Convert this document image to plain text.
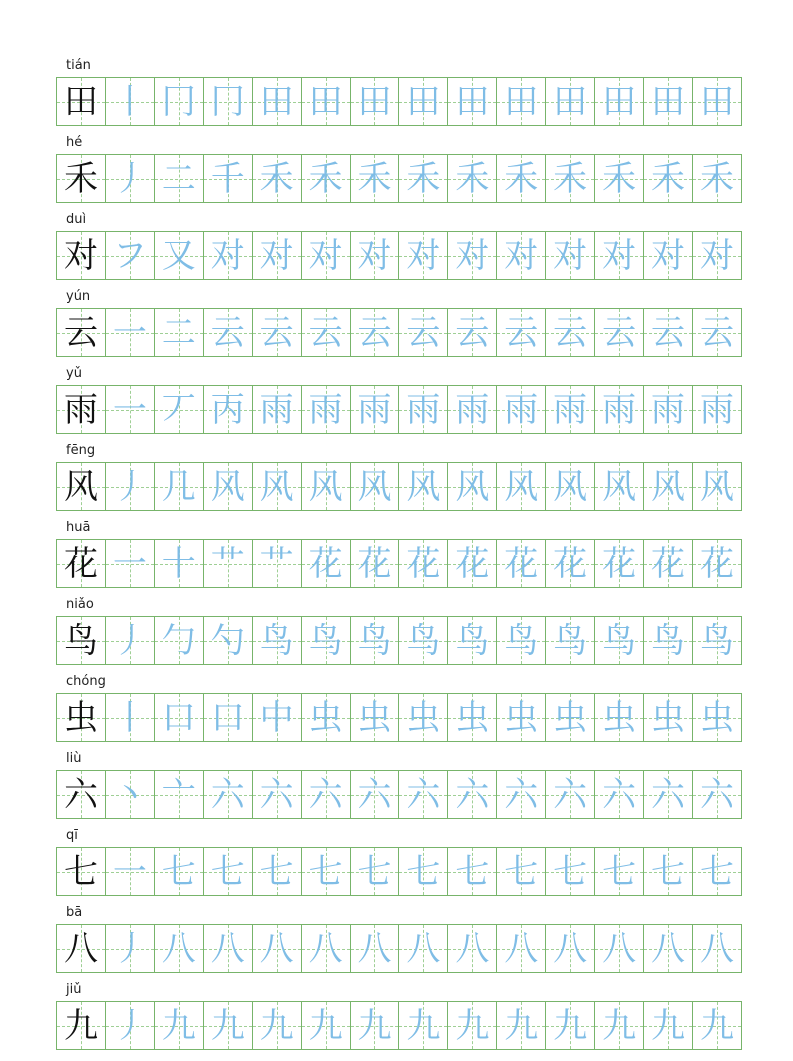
tián
田 丨 冂 冂 田 田 田 田 田 田 田 田 田 田
hé
禾 丿 二 千 禾 禾 禾 禾 禾 禾 禾 禾 禾 禾
duì
对 フ 又 对 对 对 对 对 对 对 对 对 对 对
yún
云 一 二 云 云 云 云 云 云 云 云 云 云 云
yǔ
雨 一 丆 丙 雨 雨 雨 雨 雨 雨 雨 雨 雨 雨
fēng
风 丿 几 风 风 风 风 风 风 风 风 风 风 风
huā
花 一 十 艹 艹 花 花 花 花 花 花 花 花 花
niǎo
鸟 丿 勹 勺 鸟 鸟 鸟 鸟 鸟 鸟 鸟 鸟 鸟 鸟
chóng
虫 丨 口 口 中 虫 虫 虫 虫 虫 虫 虫 虫 虫
liù
六 丶 亠 六 六 六 六 六 六 六 六 六 六 六
qī
七 一 七 七 七 七 七 七 七 七 七 七 七 七
bā
八 丿 八 八 八 八 八 八 八 八 八 八 八 八
jiǔ
九 丿 九 九 九 九 九 九 九 九 九 九 九 九
